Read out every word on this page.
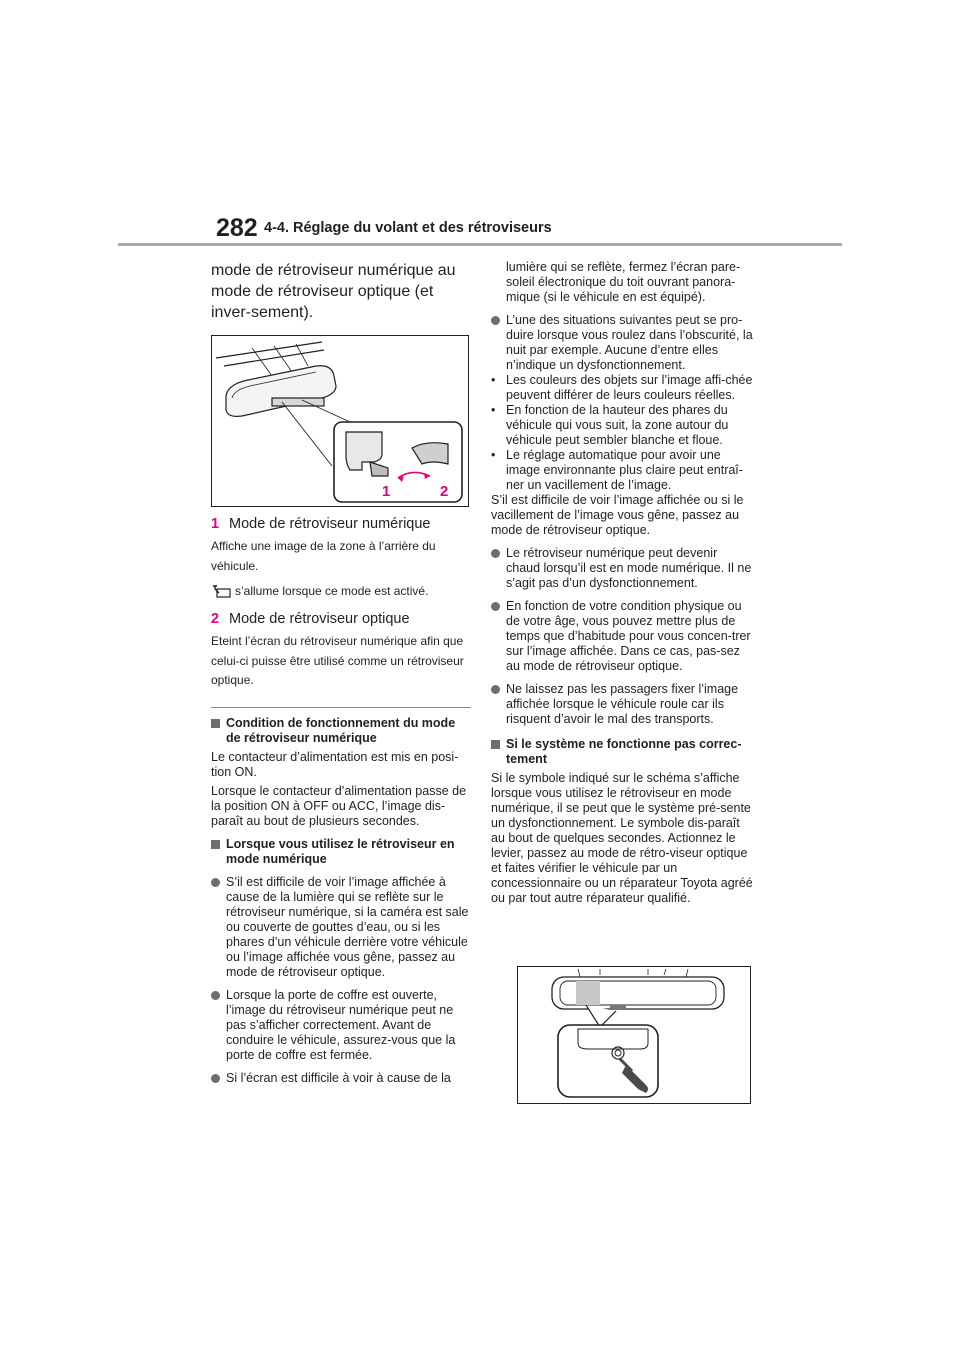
282 4-4. Réglage du volant et des rétroviseurs

mode de rétroviseur numérique au mode de rétroviseur optique (et inver-sement).

1	2
1 Mode de rétroviseur numérique

Affiche une image de la zone à l’arrière du véhicule.

s’allume lorsque ce mode est activé.
2 Mode de rétroviseur optique

Eteint l’écran du rétroviseur numérique afin que celui-ci puisse être utilisé comme un rétroviseur optique.

Condition de fonctionnement du mode de rétroviseur numérique

Le contacteur d’alimentation est mis en posi-tion ON.

Lorsque le contacteur d’alimentation passe de la position ON à OFF ou ACC, l’image dis-paraît au bout de plusieurs secondes.

Lorsque vous utilisez le rétroviseur en mode numérique
S’il est difficile de voir l’image affichée à cause de la lumière qui se reflète sur le rétroviseur numérique, si la caméra est sale ou couverte de gouttes d’eau, ou si les phares d’un véhicule derrière votre véhicule ou l’image affichée vous gêne, passez au mode de rétroviseur optique.
Lorsque la porte de coffre est ouverte, l’image du rétroviseur numérique peut ne pas s’afficher correctement. Avant de conduire le véhicule, assurez-vous que la porte de coffre est fermée.
Si l’écran est difficile à voir à cause de la

lumière qui se reflète, fermez l’écran pare-soleil électronique du toit ouvrant panora-mique (si le véhicule en est équipé).

L’une des situations suivantes peut se pro-duire lorsque vous roulez dans l’obscurité, la nuit par exemple. Aucune d’entre elles n’indique un dysfonctionnement.
• Les couleurs des objets sur l’image affi-chée peuvent différer de leurs couleurs réelles.
• En fonction de la hauteur des phares du véhicule qui vous suit, la zone autour du véhicule peut sembler blanche et floue.
• Le réglage automatique pour avoir une image environnante plus claire peut entraî-ner un vacillement de l’image.

S’il est difficile de voir l’image affichée ou si le vacillement de l’image vous gêne, passez au mode de rétroviseur optique.

Le rétroviseur numérique peut devenir chaud lorsqu’il est en mode numérique. Il ne s’agit pas d’un dysfonctionnement.
En fonction de votre condition physique ou de votre âge, vous pouvez mettre plus de temps que d’habitude pour vous concen-trer sur l’image affichée. Dans ce cas, pas-sez au mode de rétroviseur optique.
Ne laissez pas les passagers fixer l’image affichée lorsque le véhicule roule car ils risquent d’avoir le mal des transports.
Si le système ne fonctionne pas correc-tement

Si le symbole indiqué sur le schéma s’affiche lorsque vous utilisez le rétroviseur en mode numérique, il se peut que le système pré-sente un dysfonctionnement. Le symbole dis-paraît au bout de quelques secondes. Actionnez le levier, passez au mode de rétro-viseur optique et faites vérifier le véhicule par un concessionnaire ou un réparateur Toyota agréé ou par tout autre réparateur qualifié.
